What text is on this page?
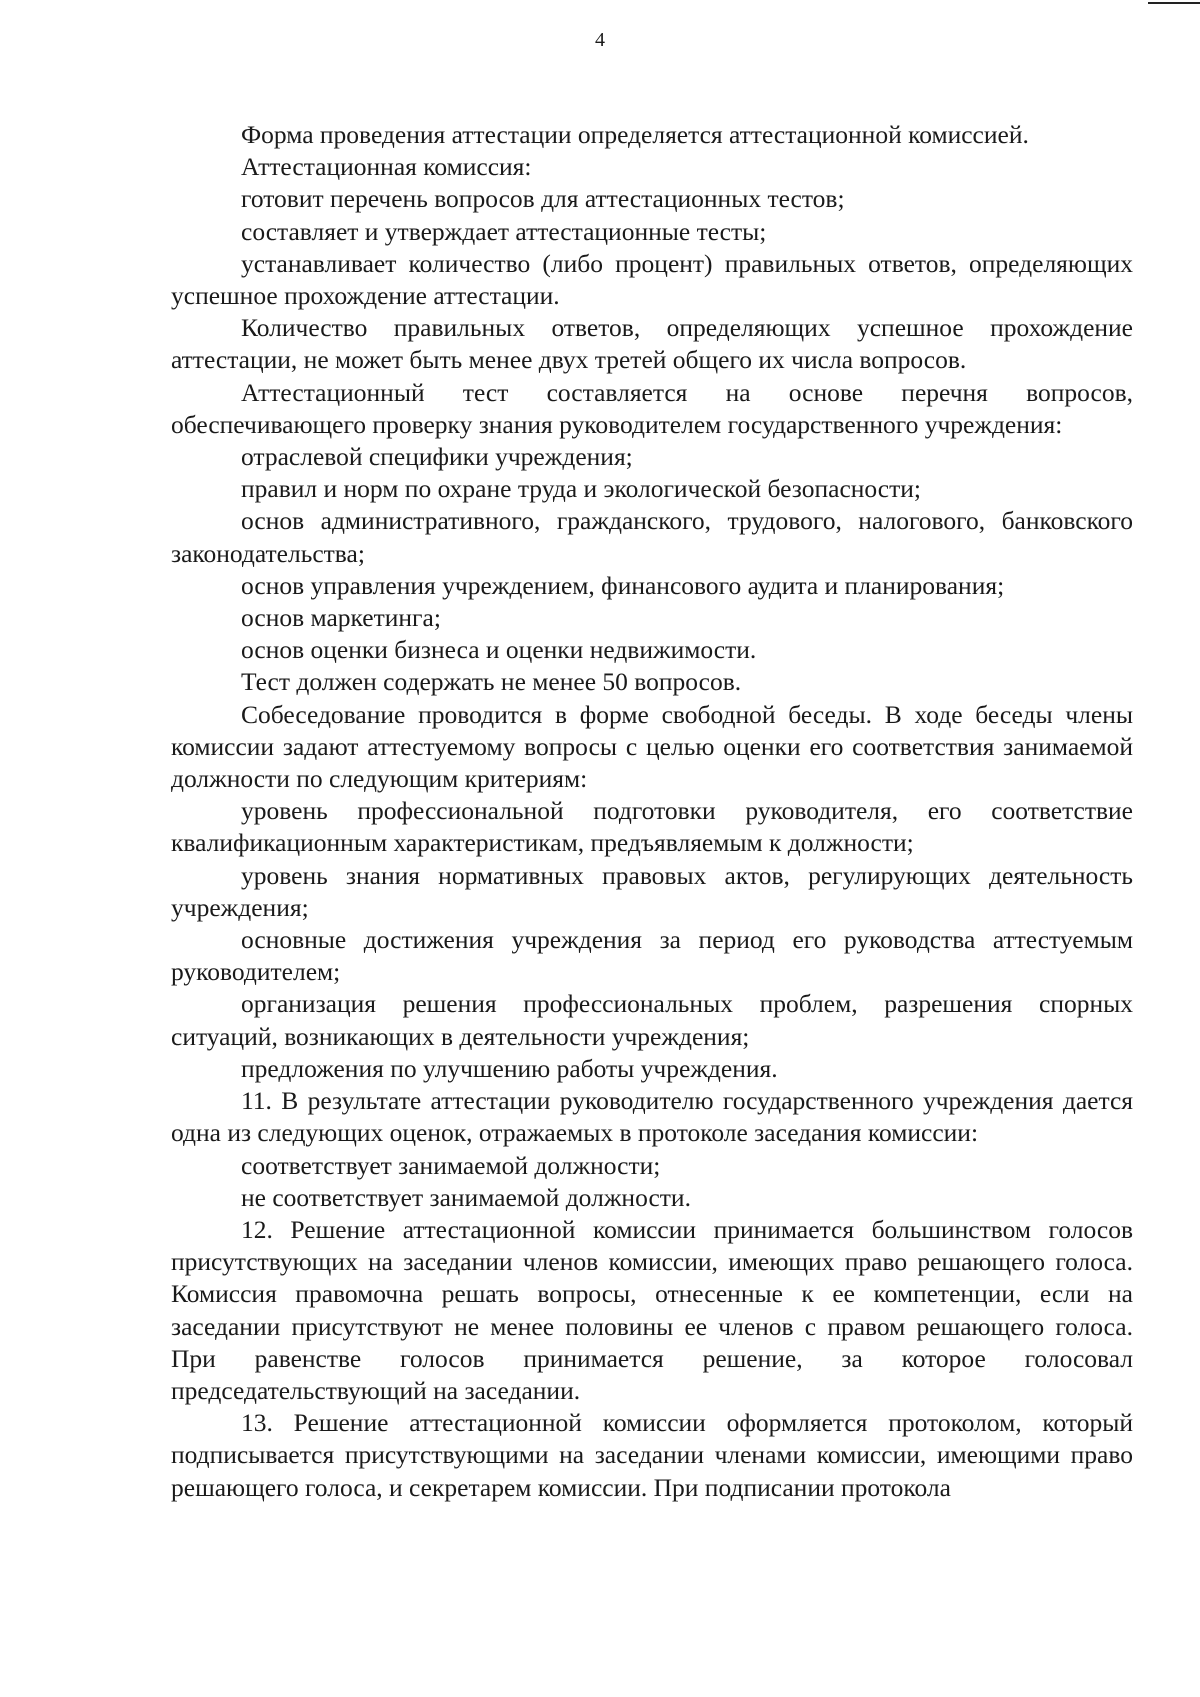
4

Форма проведения аттестации определяется аттестационной комиссией.

Аттестационная комиссия:

готовит перечень вопросов для аттестационных тестов;

составляет и утверждает аттестационные тесты;

устанавливает количество (либо процент) правильных ответов, определяющих успешное прохождение аттестации.

Количество правильных ответов, определяющих успешное прохождение аттестации, не может быть менее двух третей общего их числа вопросов.

Аттестационный тест составляется на основе перечня вопросов, обеспечивающего проверку знания руководителем государственного учреждения:

отраслевой специфики учреждения;

правил и норм по охране труда и экологической безопасности;

основ административного, гражданского, трудового, налогового, банковского законодательства;

основ управления учреждением, финансового аудита и планирования;

основ маркетинга;

основ оценки бизнеса и оценки недвижимости.

Тест должен содержать не менее 50 вопросов.

Собеседование проводится в форме свободной беседы. В ходе беседы члены комиссии задают аттестуемому вопросы с целью оценки его соответствия занимаемой должности по следующим критериям:

уровень профессиональной подготовки руководителя, его соответствие квалификационным характеристикам, предъявляемым к должности;

уровень знания нормативных правовых актов, регулирующих деятельность учреждения;

основные достижения учреждения за период его руководства аттестуемым руководителем;

организация решения профессиональных проблем, разрешения спорных ситуаций, возникающих в деятельности учреждения;

предложения по улучшению работы учреждения.

11. В результате аттестации руководителю государственного учреждения дается одна из следующих оценок, отражаемых в протоколе заседания комиссии:

соответствует занимаемой должности;

не соответствует занимаемой должности.

12. Решение аттестационной комиссии принимается большинством голосов присутствующих на заседании членов комиссии, имеющих право решающего голоса. Комиссия правомочна решать вопросы, отнесенные к ее компетенции, если на заседании присутствуют не менее половины ее членов с правом решающего голоса. При равенстве голосов принимается решение, за которое голосовал председательствующий на заседании.

13. Решение аттестационной комиссии оформляется протоколом, который подписывается присутствующими на заседании членами комиссии, имеющими право решающего голоса, и секретарем комиссии. При подписании протокола
